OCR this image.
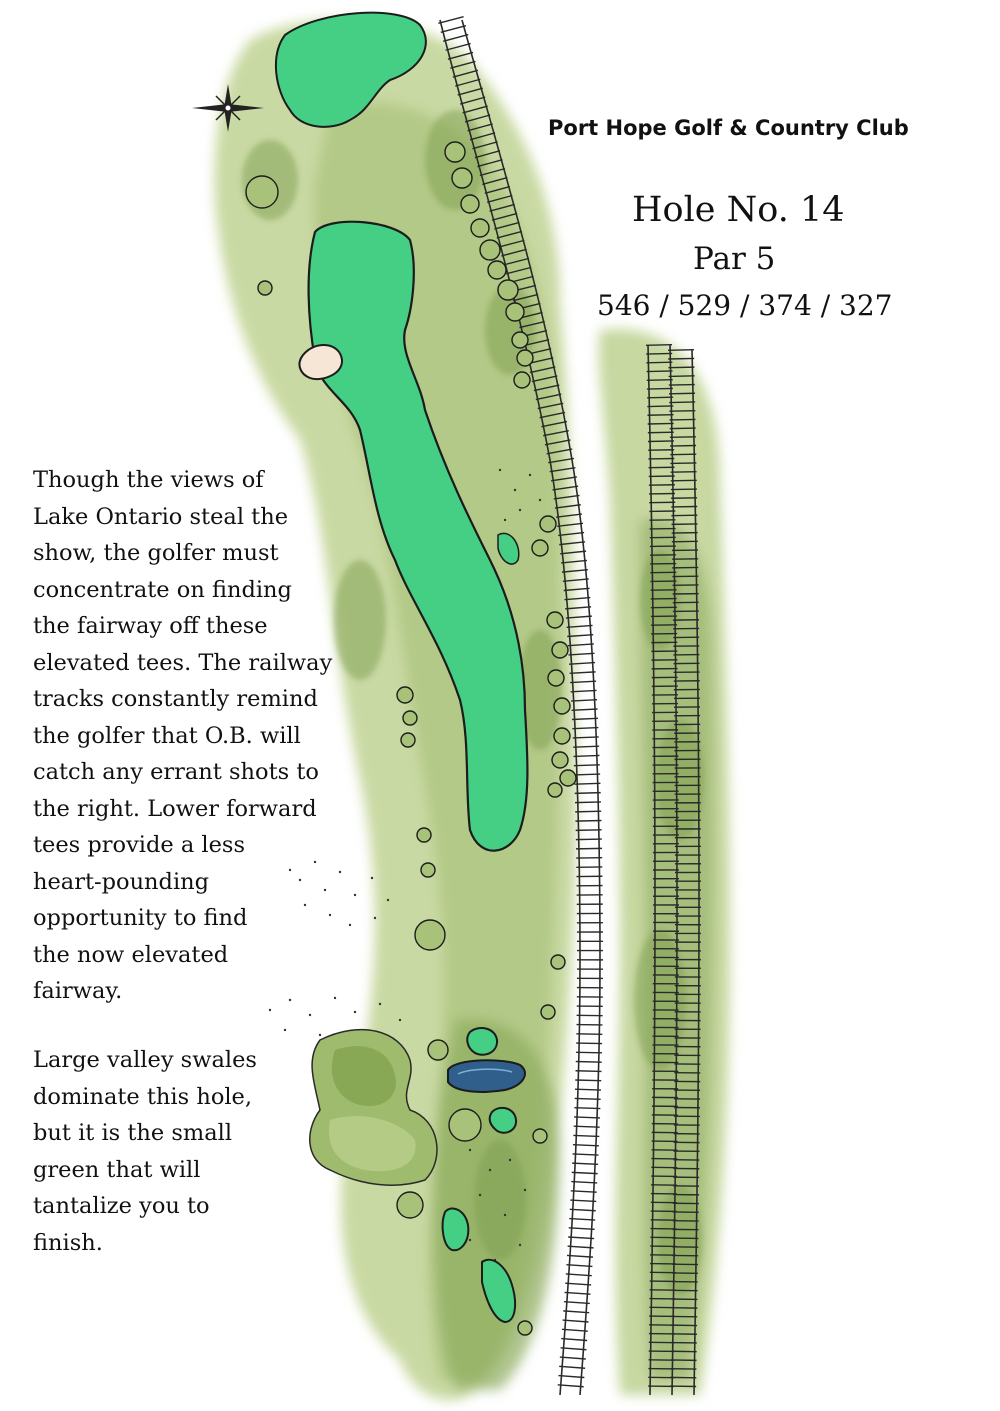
Port Hope Golf & Country Club
Hole No. 14
Par 5
546 / 529 / 374 / 327
Though the views of
Lake Ontario steal the
show, the golfer must
concentrate on finding
the fairway off these
elevated tees. The railway
tracks constantly remind
the golfer that O.B. will
catch any errant shots to
the right. Lower forward
tees provide a less
heart-pounding
opportunity to find
the now elevated
fairway.
Large valley swales
dominate this hole,
but it is the small
green that will
tantalize you to
finish.
